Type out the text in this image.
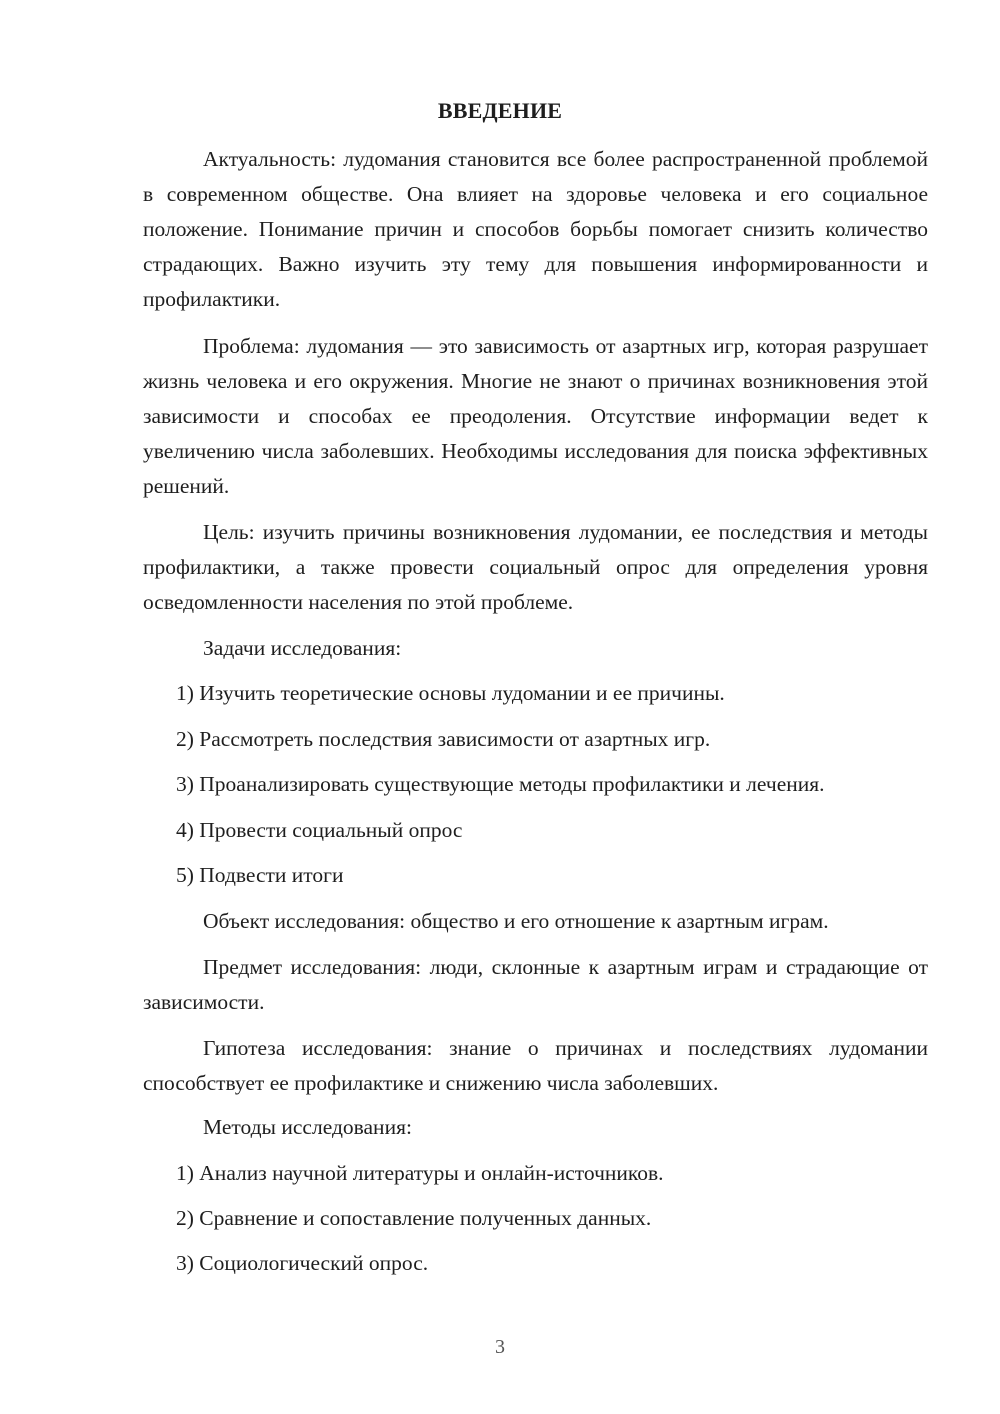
ВВЕДЕНИЕ
Актуальность: лудомания становится все более распространенной проблемой в современном обществе. Она влияет на здоровье человека и его социальное положение. Понимание причин и способов борьбы помогает снизить количество страдающих. Важно изучить эту тему для повышения информированности и профилактики.
Проблема: лудомания — это зависимость от азартных игр, которая разрушает жизнь человека и его окружения. Многие не знают о причинах возникновения этой зависимости и способах ее преодоления. Отсутствие информации ведет к увеличению числа заболевших. Необходимы исследования для поиска эффективных решений.
Цель: изучить причины возникновения лудомании, ее последствия и методы профилактики, а также провести социальный опрос для определения уровня осведомленности населения по этой проблеме.
Задачи исследования:
1) Изучить теоретические основы лудомании и ее причины.
2) Рассмотреть последствия зависимости от азартных игр.
3) Проанализировать существующие методы профилактики и лечения.
4) Провести социальный опрос
5) Подвести итоги
Объект исследования: общество и его отношение к азартным играм.
Предмет исследования: люди, склонные к азартным играм и страдающие от зависимости.
Гипотеза исследования: знание о причинах и последствиях лудомании способствует ее профилактике и снижению числа заболевших.
Методы исследования:
1) Анализ научной литературы и онлайн-источников.
2) Сравнение и сопоставление полученных данных.
3) Социологический опрос.
3
